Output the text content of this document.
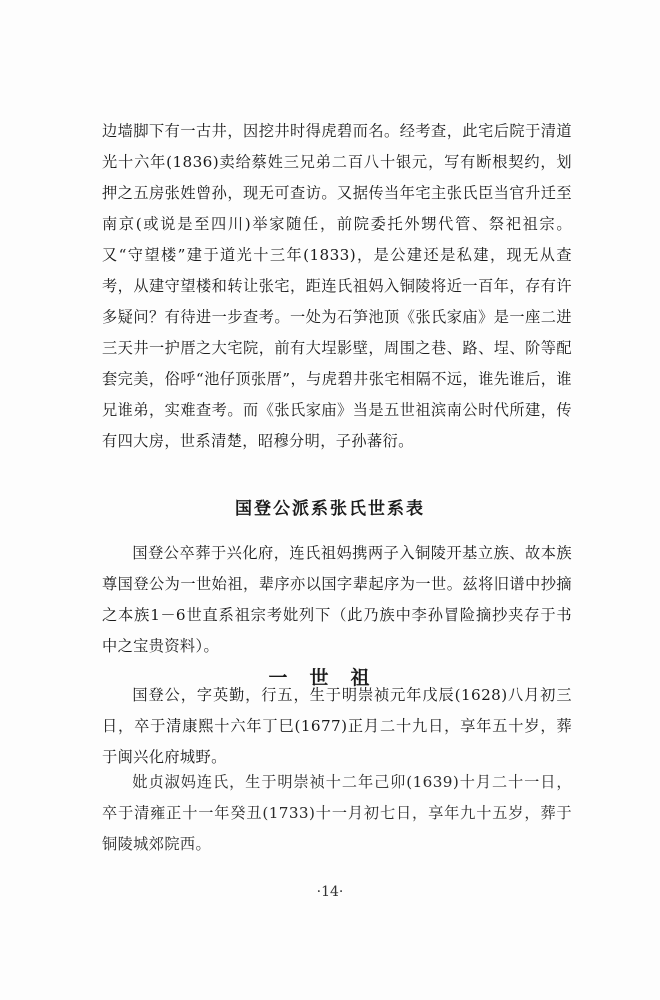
边墙脚下有一古井，因挖井时得虎碧而名。经考查，此宅后院于清道光十六年(1836)卖给蔡姓三兄弟二百八十银元，写有断根契约，划押之五房张姓曾孙，现无可查访。又据传当年宅主张氏臣当官升迁至南京(或说是至四川)举家随任，前院委托外甥代管、祭祀祖宗。又“守望楼”建于道光十三年(1833)，是公建还是私建，现无从查考，从建守望楼和转让张宅，距连氏祖妈入铜陵将近一百年，存有许多疑问？有待进一步查考。一处为石笋池顶《张氏家庙》是一座二进三天井一护厝之大宅院，前有大埕影壁，周围之巷、路、埕、阶等配套完美，俗呼“池仔顶张厝”，与虎碧井张宅相隔不远，谁先谁后，谁兄谁弟，实难查考。而《张氏家庙》当是五世祖滨南公时代所建，传有四大房，世系清楚，昭穆分明，子孙蕃衍。

国登公派系张氏世系表

国登公卒葬于兴化府，连氏祖妈携两子入铜陵开基立族、故本族尊国登公为一世始祖，辈序亦以国字辈起序为一世。兹将旧谱中抄摘之本族1－6世直系祖宗考妣列下（此乃族中李孙冒险摘抄夹存于书中之宝贵资料）。

一世祖

国登公，字英勤，行五，生于明崇祯元年戊辰(1628)八月初三日，卒于清康熙十六年丁巳(1677)正月二十九日，享年五十岁，葬于闽兴化府城野。

妣贞淑妈连氏，生于明崇祯十二年己卯(1639)十月二十一日，卒于清雍正十一年癸丑(1733)十一月初七日，享年九十五岁，葬于铜陵城郊院西。

·14·
